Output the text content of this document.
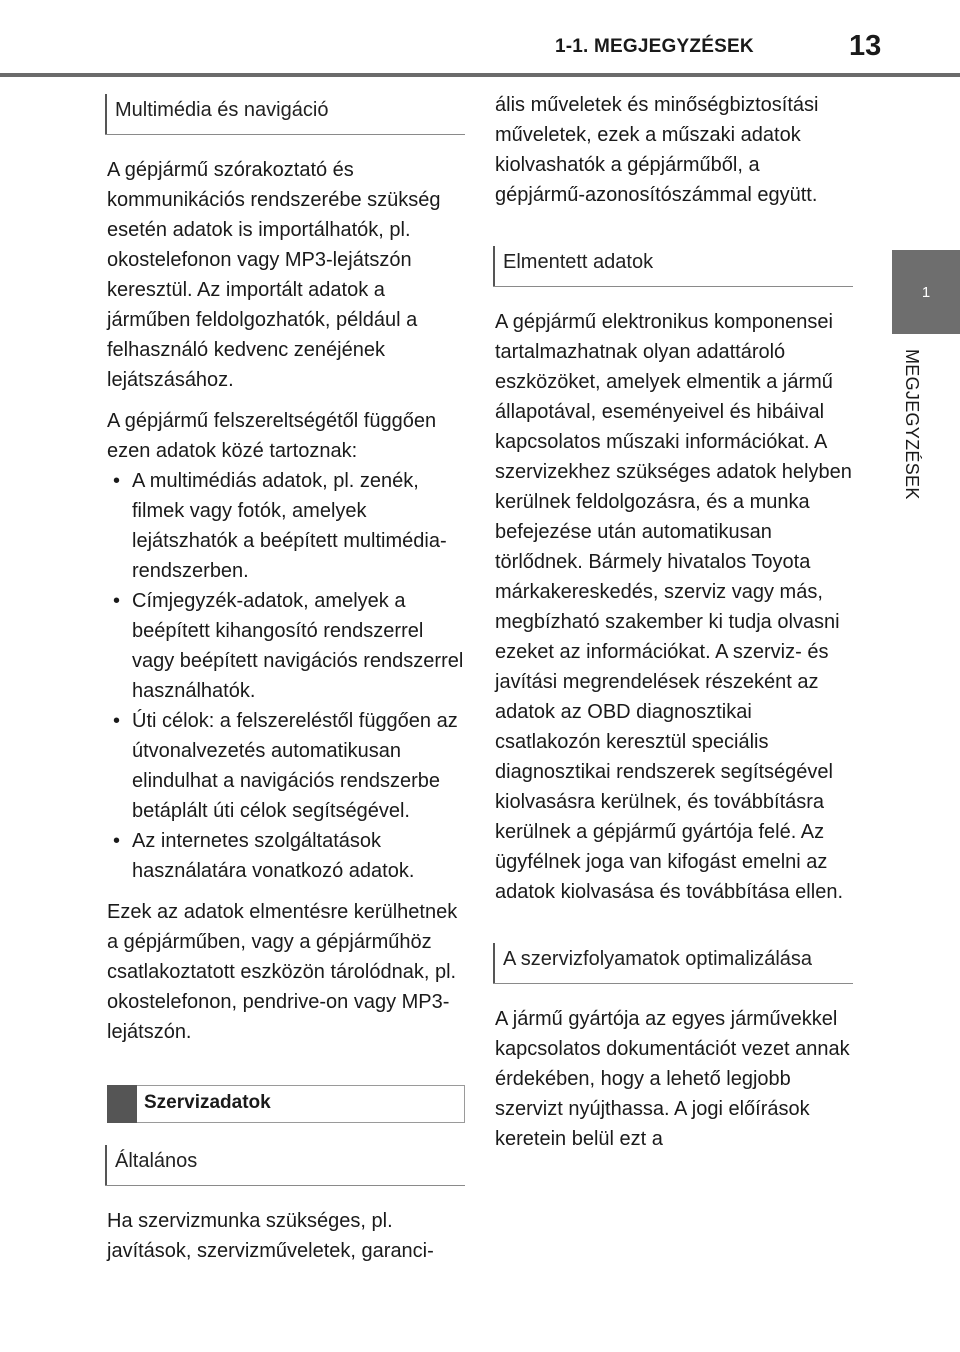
1-1. MEGJEGYZÉSEK	13
1
MEGJEGYZÉSEK
Multimédia és navigáció

A gépjármű szórakoztató és kommunikációs rendszerébe szükség esetén adatok is importálhatók, pl. okostelefonon vagy MP3-lejátszón keresztül. Az importált adatok a járműben feldolgozhatók, például a felhasználó kedvenc zenéjének lejátszásához.

A gépjármű felszereltségétől függően ezen adatok közé tartoznak:

• A multimédiás adatok, pl. zenék, filmek vagy fotók, amelyek lejátszhatók a beépített multimédia-rendszerben.
• Címjegyzék-adatok, amelyek a beépített kihangosító rendszerrel vagy beépített navigációs rendszerrel használhatók.
• Úti célok: a felszereléstől függően az útvonalvezetés automatikusan elindulhat a navigációs rendszerbe betáplált úti célok segítségével.
• Az internetes szolgáltatások használatára vonatkozó adatok.

Ezek az adatok elmentésre kerülhetnek a gépjárműben, vagy a gépjárműhöz csatlakoztatott eszközön tárolódnak, pl. okostelefonon, pendrive-on vagy MP3-lejátszón.

Szervizadatok
Általános

Ha szervizmunka szükséges, pl. javítások, szervizműveletek, garanci-

ális műveletek és minőségbiztosítási műveletek, ezek a műszaki adatok kiolvashatók a gépjárműből, a gépjármű-azonosítószámmal együtt.

Elmentett adatok

A gépjármű elektronikus komponensei tartalmazhatnak olyan adattároló eszközöket, amelyek elmentik a jármű állapotával, eseményeivel és hibáival kapcsolatos műszaki információkat. A szervizekhez szükséges adatok helyben kerülnek feldolgozásra, és a munka befejezése után automatikusan törlődnek. Bármely hivatalos Toyota márkakereskedés, szerviz vagy más, megbízható szakember ki tudja olvasni ezeket az információkat. A szerviz- és javítási megrendelések részeként az adatok az OBD diagnosztikai csatlakozón keresztül speciális diagnosztikai rendszerek segítségével kiolvasásra kerülnek, és továbbításra kerülnek a gépjármű gyártója felé. Az ügyfélnek joga van kifogást emelni az adatok kiolvasása és továbbítása ellen.

A szervizfolyamatok optimalizálása

A jármű gyártója az egyes járművekkel kapcsolatos dokumentációt vezet annak érdekében, hogy a lehető legjobb szervizt nyújthassa. A jogi előírások keretein belül ezt a
